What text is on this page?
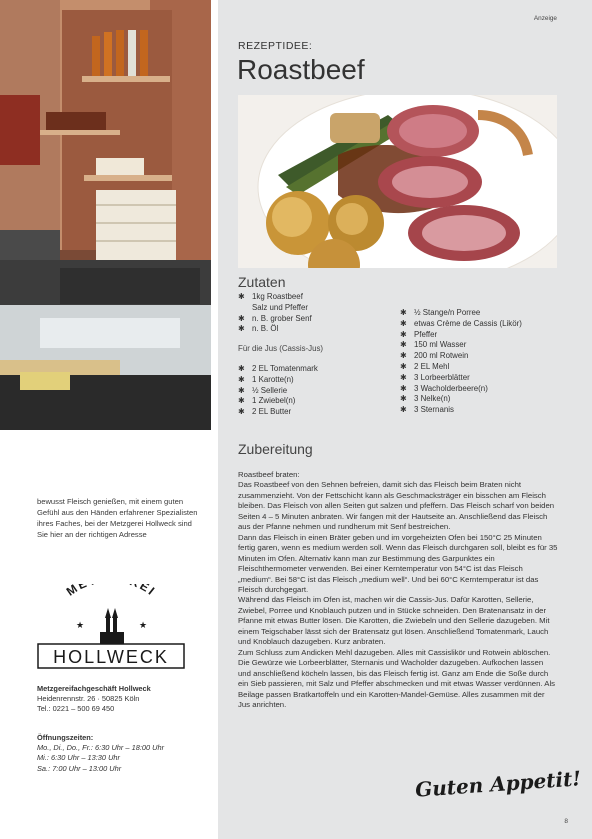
bewusst Fleisch genießen, mit einem guten Gefühl aus den Händen erfahrener Spezialisten ihres Faches, bei der Metzgerei Hollweck sind Sie hier an der richtigen Adresse
M EI
★	★
HOLLWECK
Metzgereifachgeschäft Hollweck
Heidenrennstr. 26 · 50825 Köln
Tel.: 0221 – 500 69 450
Öffnungszeiten:
Mo., Di., Do., Fr.: 6:30 Uhr – 18:00 Uhr
Mi.: 6:30 Uhr – 13:30 Uhr
Sa.: 7:00 Uhr – 13:00 Uhr
Anzeige
REZEPTIDEE:
Roastbeef
Zutaten
✱ 1kg Roastbeef
Salz und Pfeffer
✱ n. B. grober Senf
✱ n. B. Öl
Für die Jus (Cassis-Jus)
✱ 2 EL Tomatenmark
✱ 1 Karotte(n)
✱ ½ Sellerie
✱ 1 Zwiebel(n)
✱ 2 EL Butter
✱ ½ Stange/n Porree
✱ etwas Crème de Cassis (Likör)
✱ Pfeffer
✱ 150 ml Wasser
✱ 200 ml Rotwein
✱ 2 EL Mehl
✱ 3 Lorbeerblätter
✱ 3 Wacholderbeere(n)
✱ 3 Nelke(n)
✱ 3 Sternanis
Zubereitung

Roastbeef braten:

Das Roastbeef von den Sehnen befreien, damit sich das Fleisch beim Braten nicht zusammenzieht. Von der Fettschicht kann als Geschmacksträger ein bisschen am Fleisch bleiben. Das Fleisch von allen Seiten gut salzen und pfeffern. Das Fleisch scharf von beiden Seiten 4 – 5 Minuten anbraten. Wir fangen mit der Hautseite an. Anschließend das Fleisch aus der Pfanne nehmen und rundherum mit Senf bestreichen.

Dann das Fleisch in einen Bräter geben und im vorgeheizten Ofen bei 150°C 25 Minuten fertig garen, wenn es medium werden soll. Wenn das Fleisch durchgaren soll, bleibt es für 35 Minuten im Ofen. Alternativ kann man zur Bestimmung des Garpunktes ein Fleischthermometer verwenden. Bei einer Kerntemperatur von 54°C ist das Fleisch „medium“. Bei 58°C ist das Fleisch „medium well“. Und bei 60°C Kerntemperatur ist das Fleisch durchgegart.

Während das Fleisch im Ofen ist, machen wir die Cassis-Jus. Dafür Karotten, Sellerie, Zwiebel, Porree und Knoblauch putzen und in Stücke schneiden. Den Bratenansatz in der Pfanne mit etwas Butter lösen. Die Karotten, die Zwiebeln und den Sellerie dazugeben. Mit einem Teigschaber lässt sich der Bratensatz gut lösen. Anschließend Tomatenmark, Lauch und Knoblauch dazugeben. Kurz anbraten.

Zum Schluss zum Andicken Mehl dazugeben. Alles mit Cassislikör und Rotwein ablöschen. Die Gewürze wie Lorbeerblätter, Sternanis und Wacholder dazugeben. Aufkochen lassen und anschließend köcheln lassen, bis das Fleisch fertig ist. Ganz am Ende die Soße durch ein Sieb passieren, mit Salz und Pfeffer abschmecken und mit etwas Wasser verdünnen. Als Beilage passen Bratkartoffeln und ein Karotten-Mandel-Gemüse. Alles zusammen mit der Jus anrichten.

Guten Appetit!
8
